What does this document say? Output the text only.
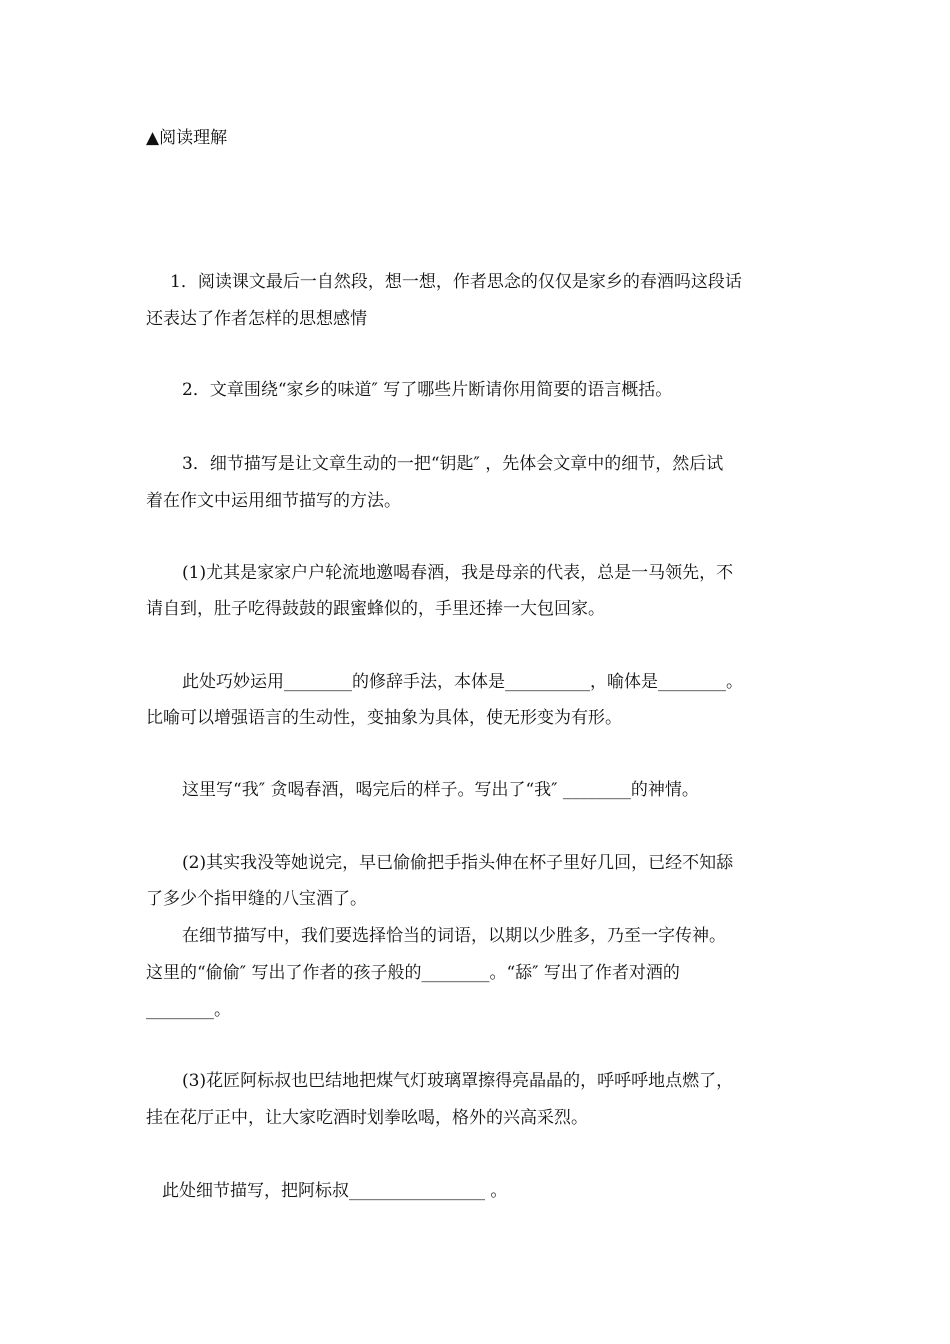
▲阅读理解
1．阅读课文最后一自然段，想一想，作者思念的仅仅是家乡的春酒吗这段话
还表达了作者怎样的思想感情
2．文章围绕“家乡的味道″ 写了哪些片断请你用简要的语言概括。
3．细节描写是让文章生动的一把“钥匙″ ，先体会文章中的细节，然后试
着在作文中运用细节描写的方法。
(1)尤其是家家户户轮流地邀喝春酒，我是母亲的代表，总是一马领先，不
请自到，肚子吃得鼓鼓的跟蜜蜂似的，手里还捧一大包回家。
此处巧妙运用________的修辞手法，本体是__________，喻体是________。
比喻可以增强语言的生动性，变抽象为具体，使无形变为有形。
这里写“我″ 贪喝春酒，喝完后的样子。写出了“我″ ________的神情。
(2)其实我没等她说完，早已偷偷把手指头伸在杯子里好几回，已经不知舔
了多少个指甲缝的八宝酒了。
在细节描写中，我们要选择恰当的词语，以期以少胜多，乃至一字传神。
这里的“偷偷″ 写出了作者的孩子般的________。“舔″ 写出了作者对酒的
________。
(3)花匠阿标叔也巴结地把煤气灯玻璃罩擦得亮晶晶的，呼呼呼地点燃了，
挂在花厅正中，让大家吃酒时划拳吆喝，格外的兴高采烈。
此处细节描写，把阿标叔________________ 。
